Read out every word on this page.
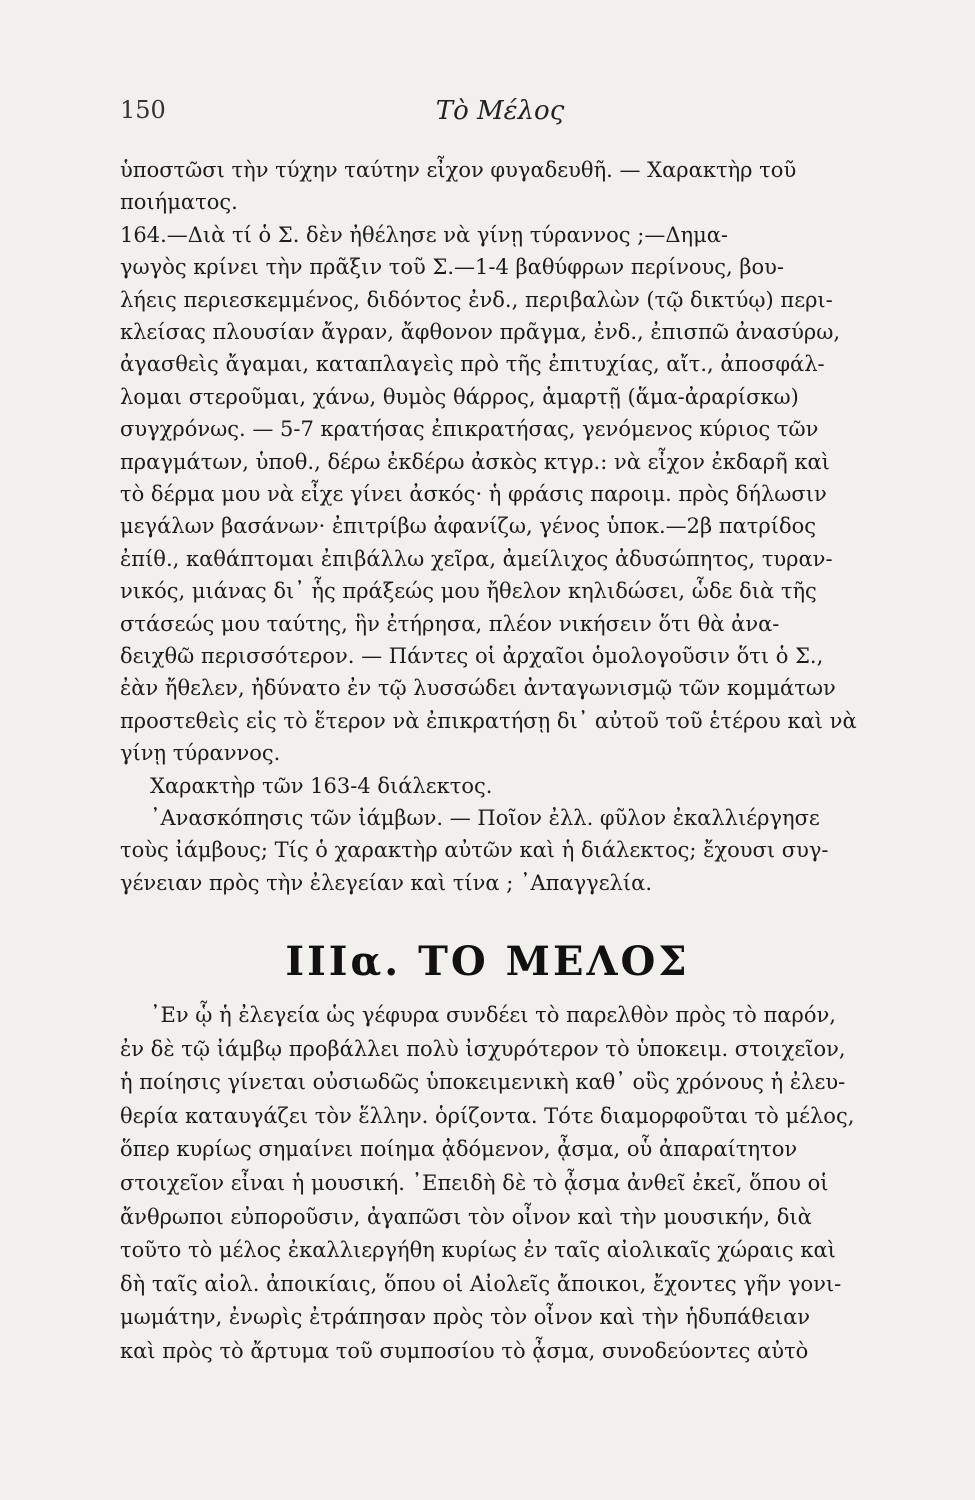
150	Τὸ Μέλος
ὑποστῶσι τὴν τύχην ταύτην εἶχον φυγαδευθῆ. — Χαρακτὴρ τοῦ
ποιήματος.
164.—Διὰ τί ὁ Σ. δὲν ἠθέλησε νὰ γίνῃ τύραννος ;—Δημα-
γωγὸς κρίνει τὴν πρᾶξιν τοῦ Σ.—1-4 βαθύφρων περίνους, βου-
λήεις περιεσκεμμένος, διδόντος ἐνδ., περιβαλὼν (τῷ δικτύῳ) περι-
κλείσας πλουσίαν ἄγραν, ἄφθονον πρᾶγμα, ἐνδ., ἐπισπῶ ἀνασύρω,
ἀγασθεὶς ἄγαμαι, καταπλαγεὶς πρὸ τῆς ἐπιτυχίας, αἴτ., ἀποσφάλ-
λομαι στεροῦμαι, χάνω, θυμὸς θάρρος, ἁμαρτῇ (ἅμα-ἀραρίσκω)
συγχρόνως. — 5-7 κρατήσας ἐπικρατήσας, γενόμενος κύριος τῶν
πραγμάτων, ὑποθ., δέρω ἐκδέρω ἀσκὸς κτγρ.: νὰ εἶχον ἐκδαρῆ καὶ
τὸ δέρμα μου νὰ εἶχε γίνει ἀσκός· ἡ φράσις παροιμ. πρὸς δήλωσιν
μεγάλων βασάνων· ἐπιτρίβω ἀφανίζω, γένος ὑποκ.—2β πατρίδος
ἐπίθ., καθάπτομαι ἐπιβάλλω χεῖρα, ἀμείλιχος ἀδυσώπητος, τυραν-
νικός, μιάνας δι᾽ ἧς πράξεώς μου ἤθελον κηλιδώσει, ὧδε διὰ τῆς
στάσεώς μου ταύτης, ἣν ἐτήρησα, πλέον νικήσειν ὅτι θὰ ἀνα-
δειχθῶ περισσότερον. — Πάντες οἱ ἀρχαῖοι ὁμολογοῦσιν ὅτι ὁ Σ.,
ἐὰν ἤθελεν, ἠδύνατο ἐν τῷ λυσσώδει ἀνταγωνισμῷ τῶν κομμάτων
προστεθεὶς εἰς τὸ ἕτερον νὰ ἐπικρατήσῃ δι᾽ αὐτοῦ τοῦ ἑτέρου καὶ νὰ
γίνῃ τύραννος.
Χαρακτὴρ τῶν 163-4 διάλεκτος.
᾿Ανασκόπησις τῶν ἰάμβων. — Ποῖον ἐλλ. φῦλον ἐκαλλιέργησε
τοὺς ἰάμβους; Τίς ὁ χαρακτὴρ αὐτῶν καὶ ἡ διάλεκτος; ἔχουσι συγ-
γένειαν πρὸς τὴν ἐλεγείαν καὶ τίνα ; ᾿Απαγγελία.
ΙΙΙα. ΤΟ ΜΕΛΟΣ
᾿Εν ᾧ ἡ ἐλεγεία ὡς γέφυρα συνδέει τὸ παρελθὸν πρὸς τὸ παρόν,
ἐν δὲ τῷ ἰάμβῳ προβάλλει πολὺ ἰσχυρότερον τὸ ὑποκειμ. στοιχεῖον,
ἡ ποίησις γίνεται οὐσιωδῶς ὑποκειμενικὴ καθ᾽ οὓς χρόνους ἡ ἐλευ-
θερία καταυγάζει τὸν ἕλλην. ὁρίζοντα. Τότε διαμορφοῦται τὸ μέλος,
ὅπερ κυρίως σημαίνει ποίημα ᾀδόμενον, ᾆσμα, οὗ ἀπαραίτητον
στοιχεῖον εἶναι ἡ μουσική. ᾿Επειδὴ δὲ τὸ ᾆσμα ἀνθεῖ ἐκεῖ, ὅπου οἱ
ἄνθρωποι εὐποροῦσιν, ἀγαπῶσι τὸν οἶνον καὶ τὴν μουσικήν, διὰ
τοῦτο τὸ μέλος ἐκαλλιεργήθη κυρίως ἐν ταῖς αἰολικαῖς χώραις καὶ
δὴ ταῖς αἰολ. ἀποικίαις, ὅπου οἱ Αἰολεῖς ἄποικοι, ἔχοντες γῆν γονι-
μωμάτην, ἐνωρὶς ἐτράπησαν πρὸς τὸν οἶνον καὶ τὴν ἡδυπάθειαν
καὶ πρὸς τὸ ἄρτυμα τοῦ συμποσίου τὸ ᾆσμα, συνοδεύοντες αὐτὸ
